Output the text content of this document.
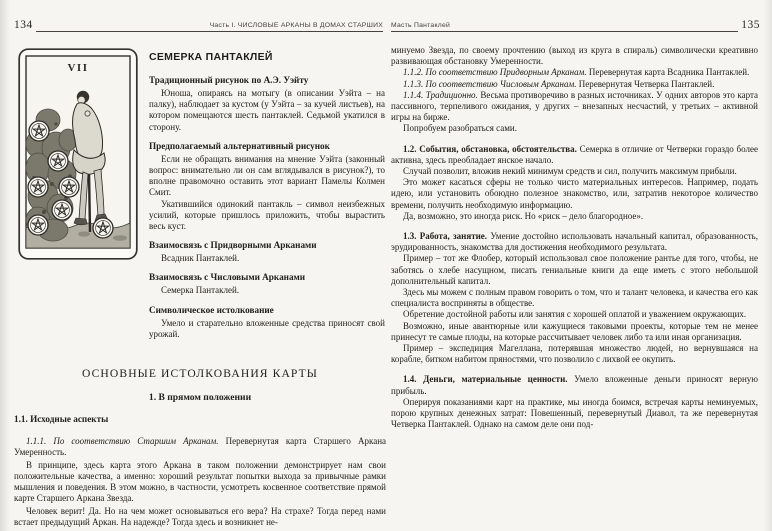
134	Часть I. ЧИСЛОВЫЕ АРКАНЫ В ДОМАХ СТАРШИХ
VII
СЕМЕРКА ПАНТАКЛЕЙ
Традиционный рисунок по А.Э. Уэйту

Юноша, опираясь на мотыгу (в описании Уэйта – на палку), наблюдает за кустом (у Уэйта – за кучей листьев), на котором помещаются шесть пантаклей. Седьмой укатился в сторону.

Предполагаемый альтернативный рисунок

Если не обращать внимания на мнение Уэйта (законный вопрос: внимательно ли он сам вглядывался в рисунок?), то вполне правомочно оставить этот вариант Памелы Колмен Смит.

Укатившийся одинокий пантакль – символ неизбежных усилий, которые пришлось приложить, чтобы вырастить весь куст.

Взаимосвязь с Придворными Арканами

Всадник Пантаклей.

Взаимосвязь с Числовыми Арканами

Семерка Пантаклей.

Символическое истолкование

Умело и старательно вложенные средства приносят свой урожай.

ОСНОВНЫЕ ИСТОЛКОВАНИЯ КАРТЫ
1. В прямом положении
1.1. Исходные аспекты

1.1.1. По соответствию Старшим Арканам. Перевернутая карта Старшего Аркана Умеренность.

В принципе, здесь карта этого Аркана в таком положении демонстрирует нам свои положительные качества, а именно: хороший результат попытки выхода за привычные рамки мышления и поведения. В этом можно, в частности, усмотреть косвенное соответствие прямой карте Старшего Аркана Звезда.

Человек верит! Да. Но на чем может основываться его вера? На страхе? Тогда перед нами встает предыдущий Аркан. На надежде? Тогда здесь и возникнет не-

Масть Пантаклей	135

минуемо Звезда, по своему прочтению (выход из круга в спираль) символически креативно развивающая обстановку Умеренности.

1.1.2. По соответствию Придворным Арканам. Перевернутая карта Всадника Пантаклей.

1.1.3. По соответствию Числовым Арканам. Перевернутая Четверка Пантаклей.

1.1.4. Традиционно. Весьма противоречиво в разных источниках. У одних авторов это карта пассивного, терпеливого ожидания, у других – внезапных несчастий, у третьих – активной игры на бирже.

Попробуем разобраться сами.

1.2. События, обстановка, обстоятельства. Семерка в отличие от Четверки гораздо более активна, здесь преобладает янское начало.

Случай позволит, вложив некий минимум средств и сил, получить максимум прибыли.

Это может касаться сферы не только чисто материальных интересов. Например, подать идею, или установить обоюдно полезное знакомство, или, затратив некоторое количество времени, получить необходимую информацию.

Да, возможно, это иногда риск. Но «риск – дело благородное».

1.3. Работа, занятие. Умение достойно использовать начальный капитал, образованность, эрудированность, знакомства для достижения необходимого результата.

Пример – тот же Флобер, который использовал свое положение рантье для того, чтобы, не заботясь о хлебе насущном, писать гениальные книги да еще иметь с этого небольшой дополнительный капитал.

Здесь мы можем с полным правом говорить о том, что и талант человека, и качества его как специалиста восприняты в обществе.

Обретение достойной работы или занятия с хорошей оплатой и уважением окружающих.

Возможно, иные авантюрные или кажущиеся таковыми проекты, которые тем не менее принесут те самые плоды, на которые рассчитывает человек либо та или иная организация.

Пример – экспедиция Магеллана, потерявшая множество людей, но вернувшаяся на корабле, битком набитом пряностями, что позволило с лихвой ее окупить.

1.4. Деньги, материальные ценности. Умело вложенные деньги приносят верную прибыль.

Оперируя показаниями карт на практике, мы иногда боимся, встречая карты неминуемых, порою крупных денежных затрат: Повешенный, перевернутый Диавол, та же перевернутая Четверка Пантаклей. Однако на самом деле они под-
